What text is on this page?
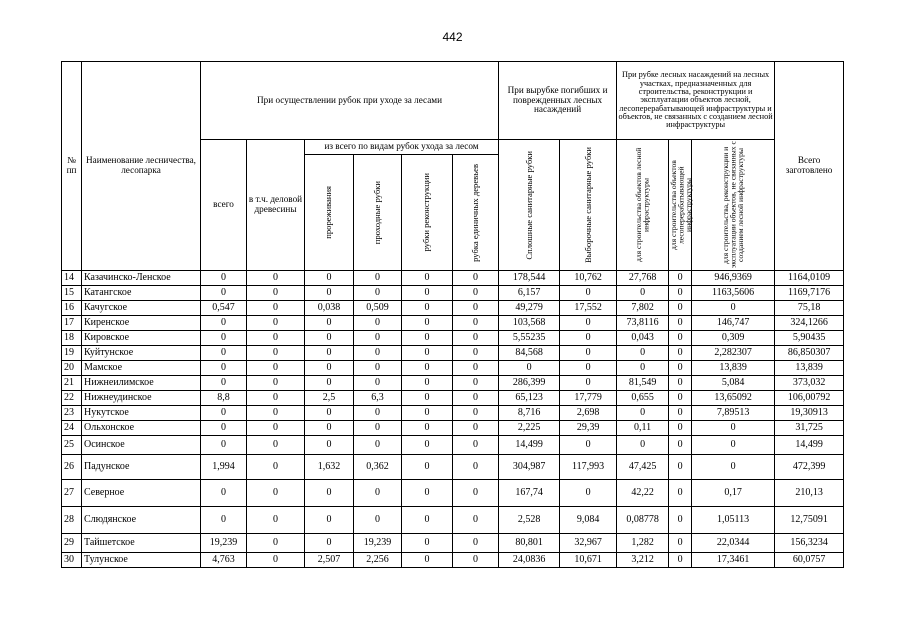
442
№ пп	Наименование лесничества, лесопарка	При осуществлении рубок при уходе за лесами						При вырубке погибших и поврежденных лесных насаждений		При рубке лесных насаждений на лесных участках, предназначенных для строительства, реконструкции и эксплуатации объектов лесной, лесоперерабатывающей инфраструктуры и объектов, не связанных с созданием лесной инфраструктуры			Всего заготовлено
		всего	в т.ч. деловой древесины	из всего по видам рубок ухода за лесом				Сплошные санитарные рубки	Выборочные санитарные рубки	для строительства объектов лесной инфраструктуры	для строительства объектов лесоперерабатывающей инфраструктуры	для строительства, реконструкции и эксплуатации объектов, не связанных с созданием лесной инфраструктуры	

				прореживания	проходные рубки	рубки реконструкции	рубка единичных деревьев						

14	Казачинско-Ленское	0	0	0	0	0	0	178,544	10,762	27,768	0	946,9369	1164,0109
15	Катангское	0	0	0	0	0	0	6,157	0	0	0	1163,5606	1169,7176
16	Качугское	0,547	0	0,038	0,509	0	0	49,279	17,552	7,802	0	0	75,18
17	Киренское	0	0	0	0	0	0	103,568	0	73,8116	0	146,747	324,1266
18	Кировское	0	0	0	0	0	0	5,55235	0	0,043	0	0,309	5,90435
19	Куйтунское	0	0	0	0	0	0	84,568	0	0	0	2,282307	86,850307
20	Мамское	0	0	0	0	0	0	0	0	0	0	13,839	13,839
21	Нижнеилимское	0	0	0	0	0	0	286,399	0	81,549	0	5,084	373,032
22	Нижнеудинское	8,8	0	2,5	6,3	0	0	65,123	17,779	0,655	0	13,65092	106,00792
23	Нукутское	0	0	0	0	0	0	8,716	2,698	0	0	7,89513	19,30913
24	Ольхонское	0	0	0	0	0	0	2,225	29,39	0,11	0	0	31,725
25	Осинское	0	0	0	0	0	0	14,499	0	0	0	0	14,499
26	Падунское	1,994	0	1,632	0,362	0	0	304,987	117,993	47,425	0	0	472,399
27	Северное	0	0	0	0	0	0	167,74	0	42,22	0	0,17	210,13
28	Слюдянское	0	0	0	0	0	0	2,528	9,084	0,08778	0	1,05113	12,75091
29	Тайшетское	19,239	0	0	19,239	0	0	80,801	32,967	1,282	0	22,0344	156,3234
30	Тулунское	4,763	0	2,507	2,256	0	0	24,0836	10,671	3,212	0	17,3461	60,0757
